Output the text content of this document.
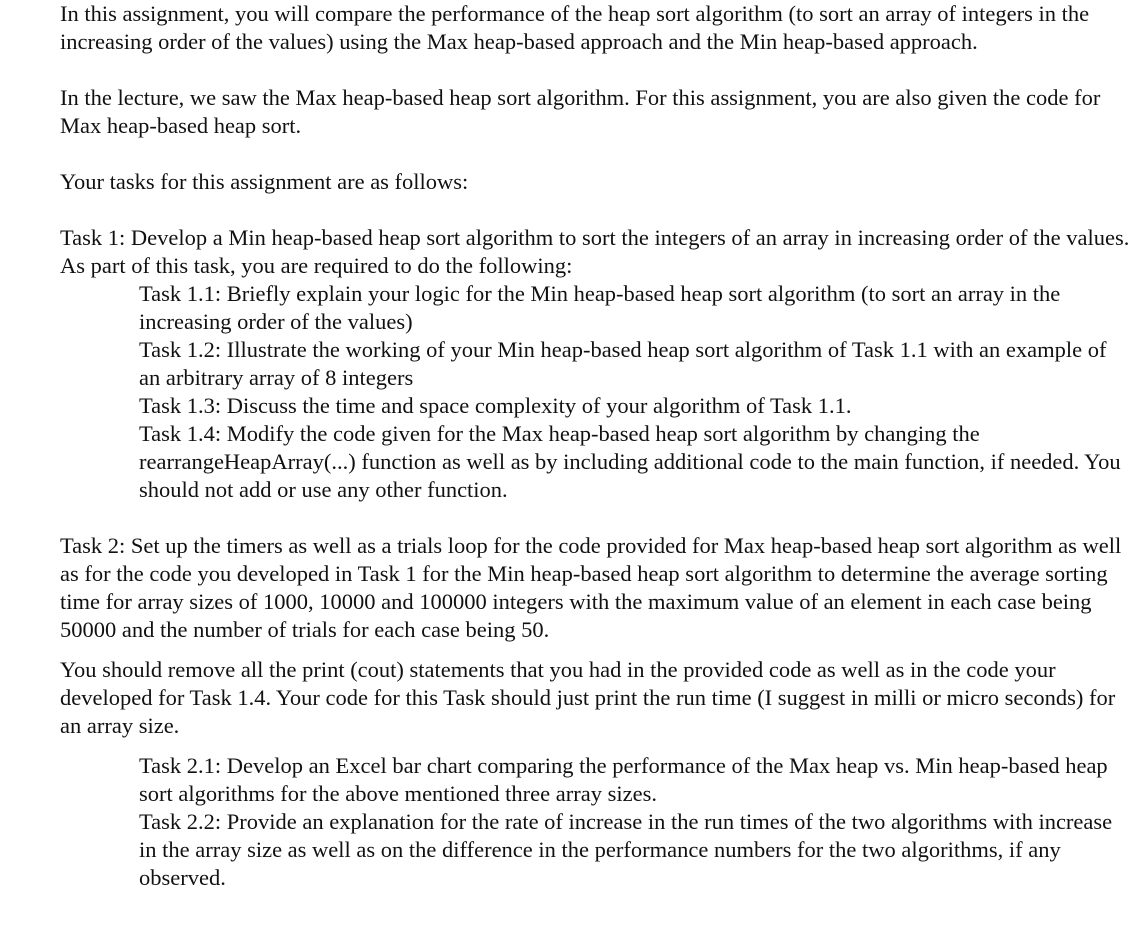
In this assignment, you will compare the performance of the heap sort algorithm (to sort an array of integers in the increasing order of the values) using the Max heap-based approach and the Min heap-based approach.

In the lecture, we saw the Max heap-based heap sort algorithm. For this assignment, you are also given the code for Max heap-based heap sort.

Your tasks for this assignment are as follows:

Task 1: Develop a Min heap-based heap sort algorithm to sort the integers of an array in increasing order of the values. As part of this task, you are required to do the following:

Task 1.1: Briefly explain your logic for the Min heap-based heap sort algorithm (to sort an array in the increasing order of the values)

Task 1.2: Illustrate the working of your Min heap-based heap sort algorithm of Task 1.1 with an example of an arbitrary array of 8 integers

Task 1.3: Discuss the time and space complexity of your algorithm of Task 1.1.

Task 1.4: Modify the code given for the Max heap-based heap sort algorithm by changing the rearrangeHeapArray(...) function as well as by including additional code to the main function, if needed. You should not add or use any other function.

Task 2: Set up the timers as well as a trials loop for the code provided for Max heap-based heap sort algorithm as well as for the code you developed in Task 1 for the Min heap-based heap sort algorithm to determine the average sorting time for array sizes of 1000, 10000 and 100000 integers with the maximum value of an element in each case being 50000 and the number of trials for each case being 50.

You should remove all the print (cout) statements that you had in the provided code as well as in the code your developed for Task 1.4. Your code for this Task should just print the run time (I suggest in milli or micro seconds) for an array size.

Task 2.1: Develop an Excel bar chart comparing the performance of the Max heap vs. Min heap-based heap sort algorithms for the above mentioned three array sizes.

Task 2.2: Provide an explanation for the rate of increase in the run times of the two algorithms with increase in the array size as well as on the difference in the performance numbers for the two algorithms, if any observed.
